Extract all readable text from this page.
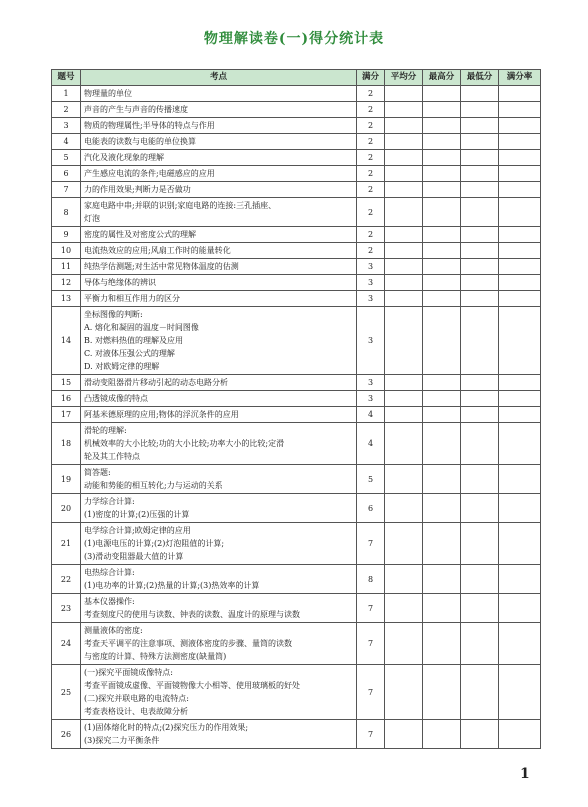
物理解读卷(一)得分统计表
题号	考点	满分	平均分	最高分	最低分	满分率
1	物理量的单位	2				
2	声音的产生与声音的传播速度	2				
3	物质的物理属性;半导体的特点与作用	2				
4	电能表的读数与电能的单位换算	2				
5	汽化及液化现象的理解	2				
6	产生感应电流的条件;电磁感应的应用	2				
7	力的作用效果;判断力是否做功	2				
8	家庭电路中串;并联的识别;家庭电路的连接:三孔插座、
灯泡	2				
9	密度的属性及对密度公式的理解	2				
10	电流热效应的应用;风扇工作时的能量转化	2				
11	纯热学估测题;对生活中常见物体温度的估测	3				
12	导体与绝缘体的辨识	3				
13	平衡力和相互作用力的区分	3				
14	坐标图像的判断:
A. 熔化和凝固的温度－时间图像
B. 对燃料热值的理解及应用
C. 对液体压强公式的理解
D. 对欧姆定律的理解	3				
15	滑动变阻器滑片移动引起的动态电路分析	3				
16	凸透镜成像的特点	3				
17	阿基米德原理的应用;物体的浮沉条件的应用	4				
18	滑轮的理解:
机械效率的大小比较;功的大小比较;功率大小的比较;定滑
轮及其工作特点	4				
19	简答题:
动能和势能的相互转化;力与运动的关系	5				
20	力学综合计算:
(1)密度的计算;(2)压强的计算	6				
21	电学综合计算;欧姆定律的应用
(1)电源电压的计算;(2)灯泡阻值的计算;
(3)滑动变阻器最大值的计算	7				
22	电热综合计算:
(1)电功率的计算;(2)热量的计算;(3)热效率的计算	8				
23	基本仪器操作:
考查刻度尺的使用与读数、钟表的读数、温度计的原理与读数	7				
24	测量液体的密度:
考查天平调平的注意事项、测液体密度的步骤、量筒的读数
与密度的计算、特殊方法测密度(缺量筒)	7				
25	(一)探究平面镜成像特点:
考查平面镜成虚像、平面镜物像大小相等、使用玻璃板的好处
(二)探究并联电路的电流特点:
考查表格设计、电表故障分析	7				
26	(1)固体熔化时的特点;(2)探究压力的作用效果;
(3)探究二力平衡条件	7				
1
